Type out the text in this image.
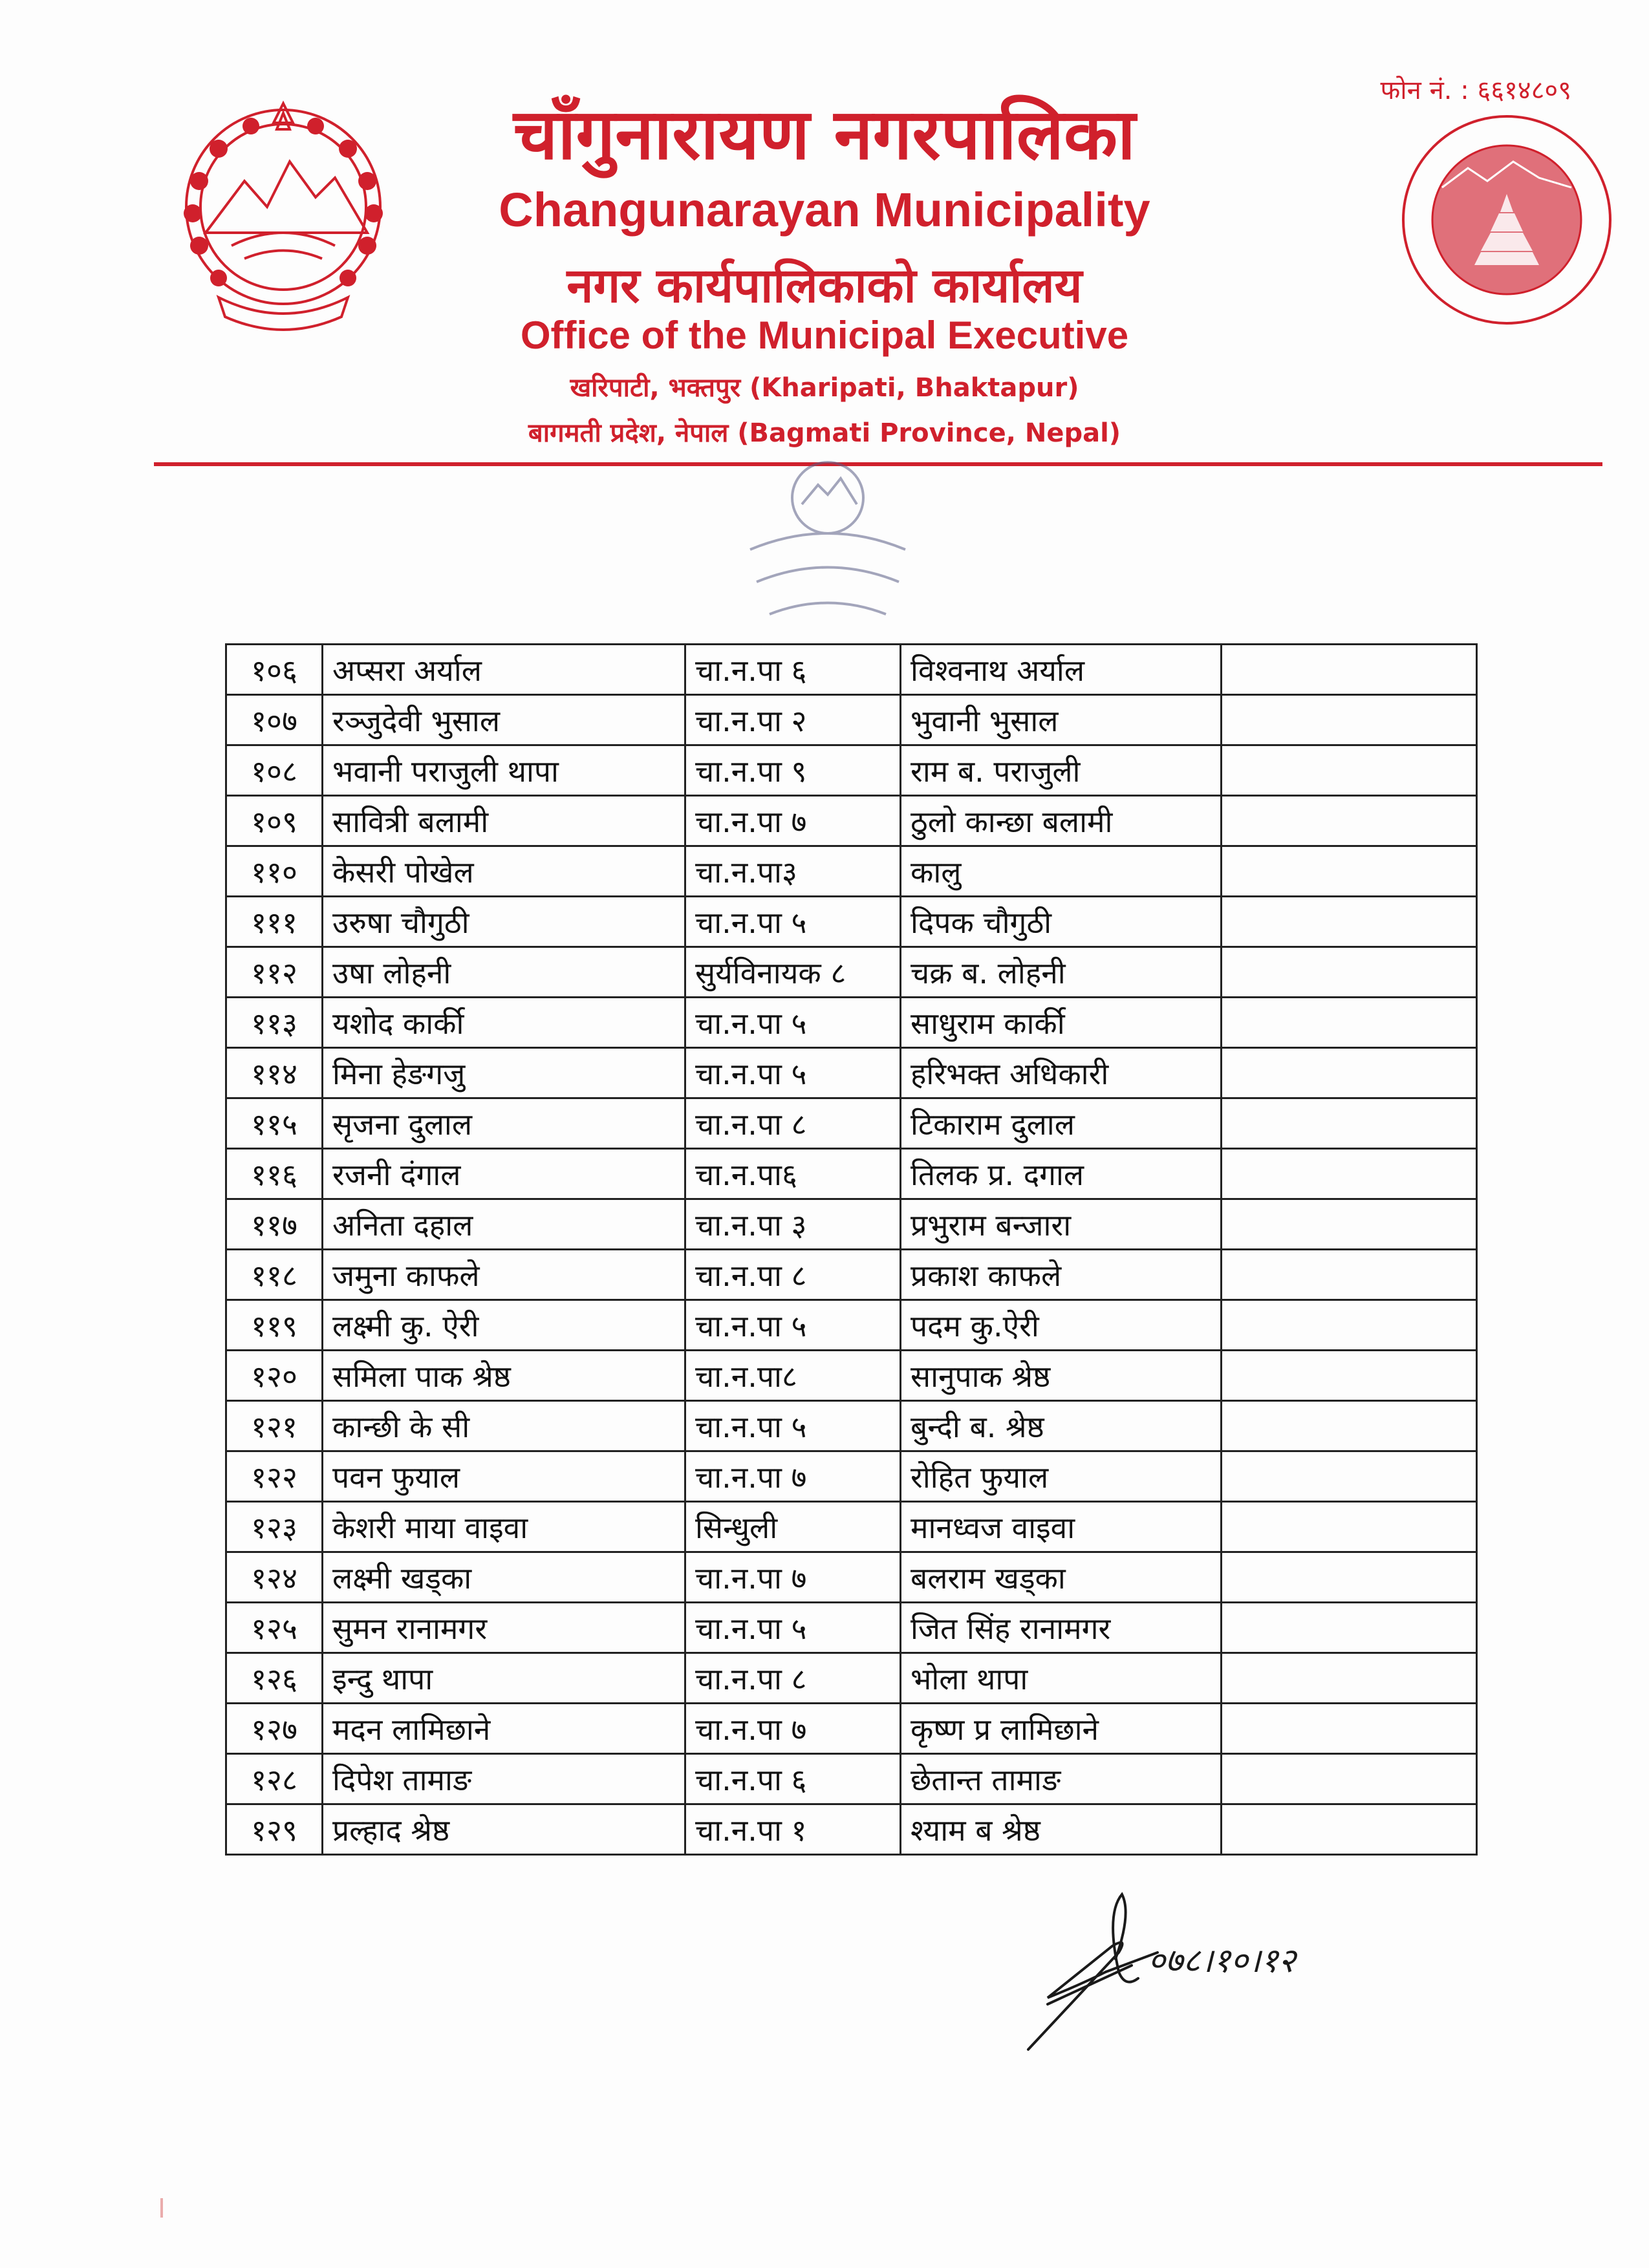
फोन नं. : ६६१४८०९
चाँगुनारायण नगरपालिका
Changunarayan Municipality
नगर कार्यपालिकाको कार्यालय
Office of the Municipal Executive
खरिपाटी, भक्तपुर (Kharipati, Bhaktapur)
बागमती प्रदेश, नेपाल (Bagmati Province, Nepal)
१०६	अप्सरा अर्याल	चा.न.पा ६	विश्वनाथ अर्याल	
१०७	रञ्जुदेवी भुसाल	चा.न.पा २	भुवानी भुसाल	
१०८	भवानी पराजुली थापा	चा.न.पा ९	राम ब. पराजुली	
१०९	सावित्री बलामी	चा.न.पा ७	ठुलो कान्छा बलामी	
११०	केसरी पोखेल	चा.न.पा३	कालु	
१११	उरुषा चौगुठी	चा.न.पा ५	दिपक चौगुठी	
११२	उषा लोहनी	सुर्यविनायक ८	चक्र ब. लोहनी	
११३	यशोद कार्की	चा.न.पा ५	साधुराम कार्की	
११४	मिना हेङगजु	चा.न.पा ५	हरिभक्त अधिकारी	
११५	सृजना दुलाल	चा.न.पा ८	टिकाराम दुलाल	
११६	रजनी दंगाल	चा.न.पा६	तिलक प्र. दगाल	
११७	अनिता दहाल	चा.न.पा ३	प्रभुराम बन्जारा	
११८	जमुना काफले	चा.न.पा ८	प्रकाश काफले	
११९	लक्ष्मी कु. ऐरी	चा.न.पा ५	पदम कु.ऐरी	
१२०	समिला पाक श्रेष्ठ	चा.न.पा८	सानुपाक श्रेष्ठ	
१२१	कान्छी के सी	चा.न.पा ५	बुन्दी ब. श्रेष्ठ	
१२२	पवन फुयाल	चा.न.पा ७	रोहित फुयाल	
१२३	केशरी माया वाइवा	सिन्धुली	मानध्वज वाइवा	
१२४	लक्ष्मी खड्का	चा.न.पा ७	बलराम खड्का	
१२५	सुमन रानामगर	चा.न.पा ५	जित सिंह रानामगर	
१२६	इन्दु थापा	चा.न.पा ८	भोला थापा	
१२७	मदन लामिछाने	चा.न.पा ७	कृष्ण प्र लामिछाने	
१२८	दिपेश तामाङ	चा.न.पा ६	छेतान्त तामाङ	
१२९	प्रल्हाद श्रेष्ठ	चा.न.पा १	श्याम ब श्रेष्ठ	
०७८।१०।१२
